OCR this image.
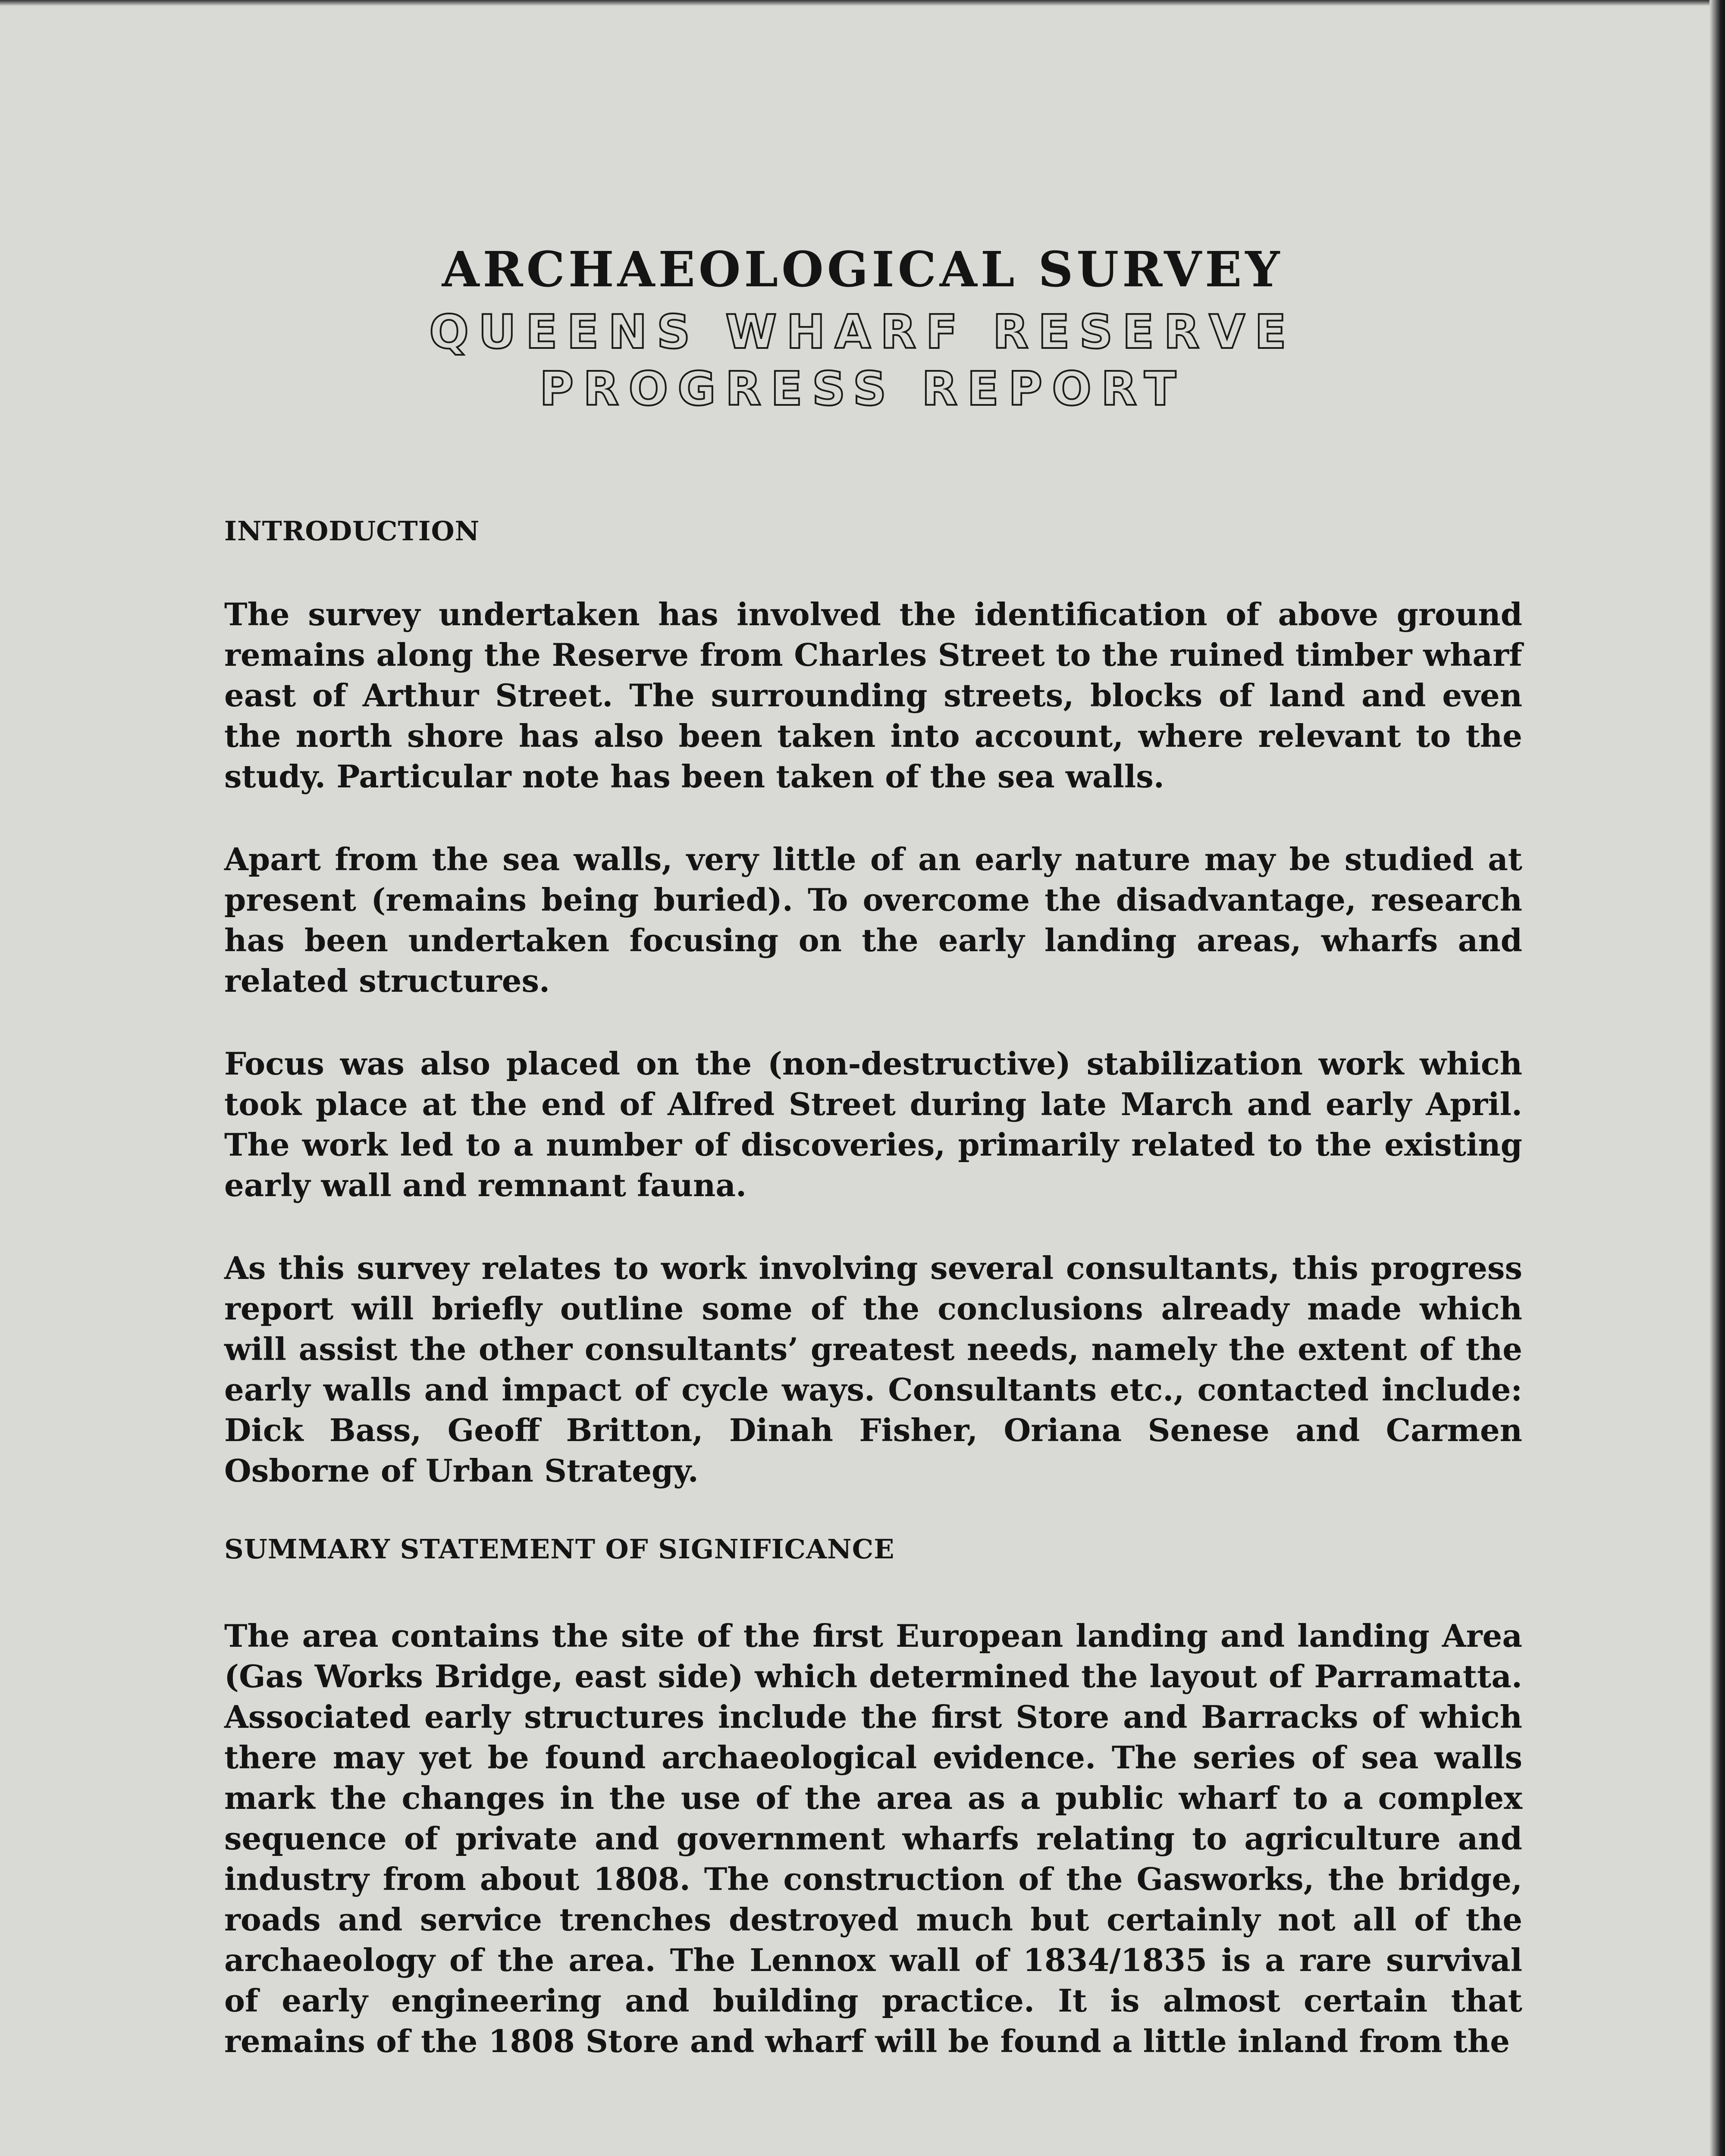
ARCHAEOLOGICAL SURVEY
QUEENS WHARF RESERVE
PROGRESS REPORT
INTRODUCTION

The survey undertaken has involved the identification of above ground remains along the Reserve from Charles Street to the ruined timber wharf east of Arthur Street. The surrounding streets, blocks of land and even the north shore has also been taken into account, where relevant to the study. Particular note has been taken of the sea walls.

Apart from the sea walls, very little of an early nature may be studied at present (remains being buried). To overcome the disadvantage, research has been undertaken focusing on the early landing areas, wharfs and related structures.

Focus was also placed on the (non-destructive) stabilization work which took place at the end of Alfred Street during late March and early April. The work led to a number of discoveries, primarily related to the existing early wall and remnant fauna.

As this survey relates to work involving several consultants, this progress report will briefly outline some of the conclusions already made which will assist the other consultants’ greatest needs, namely the extent of the early walls and impact of cycle ways. Consultants etc., contacted include: Dick Bass, Geoff Britton, Dinah Fisher, Oriana Senese and Carmen Osborne of Urban Strategy.

SUMMARY STATEMENT OF SIGNIFICANCE

The area contains the site of the first European landing and landing Area (Gas Works Bridge, east side) which determined the layout of Parramatta. Associated early structures include the first Store and Barracks of which there may yet be found archaeological evidence. The series of sea walls mark the changes in the use of the area as a public wharf to a complex sequence of private and government wharfs relating to agriculture and industry from about 1808. The construction of the Gasworks, the bridge, roads and service trenches destroyed much but certainly not all of the archaeology of the area. The Lennox wall of 1834/1835 is a rare survival of early engineering and building practice. It is almost certain that remains of the 1808 Store and wharf will be found a little inland from the
